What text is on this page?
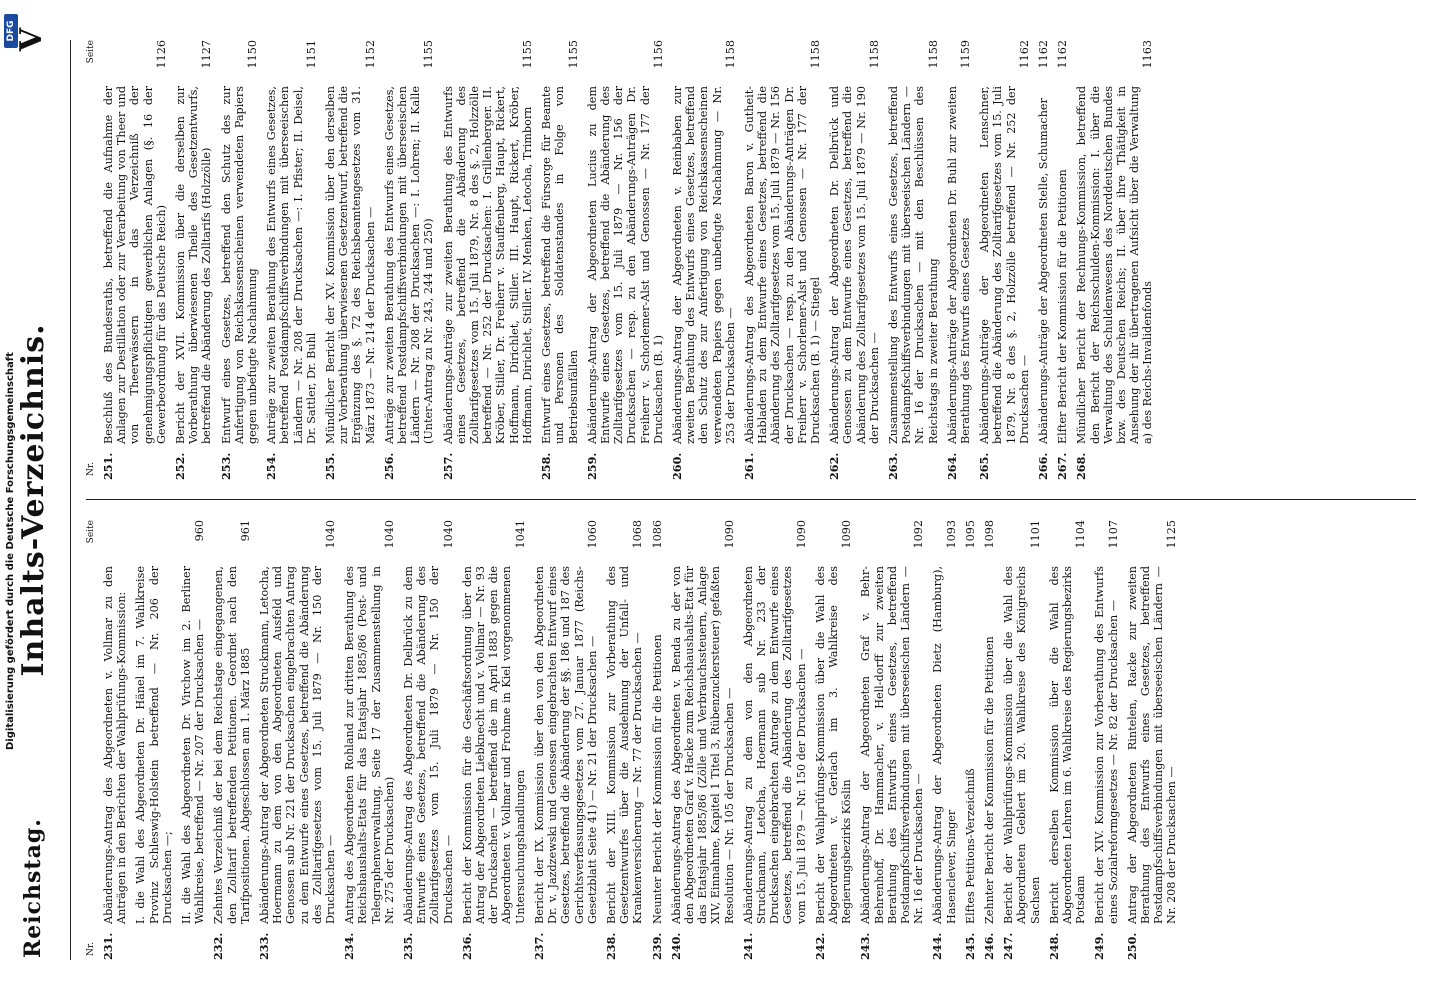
Digitalisierung gefördert durch die Deutsche Forschungsgemeinschaft
DFG
Reichstag.
Inhalts-Verzeichnis.
V
Nr.
Seite
231.
Abänderungs-Antrag des Abgeordneten v. Vollmar zu den Anträgen in den Berichten der Wahlprüfungs-Kommission: I. die Wahl des Abgeordneten Dr. Hänel im 7. Wahlkreise Provinz Schleswig-Holstein betreffend — Nr. 206 der Drucksachen —; II. die Wahl des Abgeordneten Dr. Virchow im 2. Berliner Wahlkreise, betreffend — Nr. 207 der Drucksachen —
960
232.
Zehntes Verzeichniß der bei dem Reichstage eingegangenen, den Zolltarif betreffenden Petitionen. Geordnet nach den Tarifpositionen. Abgeschlossen am 1. März 1885
961
233.
Abänderungs-Antrag der Abgeordneten Struckmann, Letocha, Hoermann zu dem von den Abgeordneten Ausfeld und Genossen sub Nr. 221 der Drucksachen eingebrachten Antrag zu dem Entwurfe eines Gesetzes, betreffend die Abänderung des Zolltarifgesetzes vom 15. Juli 1879 — Nr. 150 der Drucksachen —
1040
234.
Antrag des Abgeordneten Rohland zur dritten Berathung des Reichshaushalts-Etats für das Etatsjahr 1885/86 (Post- und Telegraphenverwaltung, Seite 17 der Zusammenstellung in Nr. 275 der Drucksachen)
1040
235.
Abänderungs-Antrag des Abgeordneten Dr. Delbrück zu dem Entwurfe eines Gesetzes, betreffend die Abänderung des Zolltarifgesetzes vom 15. Juli 1879 — Nr. 150 der Drucksachen —
1040
236.
Bericht der Kommission für die Geschäftsordnung über den Antrag der Abgeordneten Liebknecht und v. Vollmar — Nr. 93 der Drucksachen — betreffend die im April 1883 gegen die Abgeordneten v. Vollmar und Frohme in Kiel vorgenommenen Untersuchungshandlungen
1041
237.
Bericht der IX. Kommission über den von den Abgeordneten Dr. v. Jazdzewski und Genossen eingebrachten Entwurf eines Gesetzes, betreffend die Abänderung der §§. 186 und 187 des Gerichtsverfassungsgesetzes vom 27. Januar 1877 (Reichs-Gesetzblatt Seite 41) — Nr. 21 der Drucksachen —
1060
238.
Bericht der XIII. Kommission zur Vorberathung des Gesetzentwurfes über die Ausdehnung der Unfall- und Krankenversicherung — Nr. 77 der Drucksachen —
1068
239.
Neunter Bericht der Kommission für die Petitionen
1086
240.
Abänderungs-Antrag des Abgeordneten v. Benda zu der von den Abgeordneten Graf v. Hacke zum Reichshaushalts-Etat für das Etatsjahr 1885/86 (Zölle und Verbrauchssteuern, Anlage XIV, Einnahme, Kapitel 1 Titel 3, Rübenzuckersteuer) gefaßten Resolution — Nr. 105 der Drucksachen —
1090
241.
Abänderungs-Antrag zu dem von den Abgeordneten Struckmann, Letocha, Hoermann sub Nr. 233 der Drucksachen eingebrachten Antrage zu dem Entwurfe eines Gesetzes, betreffend die Abänderung des Zolltarifgesetzes vom 15. Juli 1879 — Nr. 150 der Drucksachen —
1090
242.
Bericht der Wahlprüfungs-Kommission über die Wahl des Abgeordneten v. Gerlach im 3. Wahlkreise des Regierungsbezirks Köslin
1090
243.
Abänderungs-Antrag der Abgeordneten Graf v. Behr-Behrenhoff, Dr. Hammacher, v. Hell-dorff zur zweiten Berathung des Entwurfs eines Gesetzes, betreffend Postdampfschiffsverbindungen mit überseeischen Ländern — Nr. 16 der Drucksachen —
1092
244.
Abänderungs-Antrag der Abgeordneten Dietz (Hamburg), Hasenclever, Singer
1093
245.
Elftes Petitions-Verzeichniß
1095
246.
Zehnter Bericht der Kommission für die Petitionen
1098
247.
Bericht der Wahlprüfungs-Kommission über die Wahl des Abgeordneten Geblert im 20. Wahlkreise des Königreichs Sachsen
1101
248.
Bericht derselben Kommission über die Wahl des Abgeordneten Lehren im 6. Wahlkreise des Regierungsbezirks Potsdam
1104
249.
Bericht der XIV. Kommission zur Vorberathung des Entwurfs eines Sozialreformgesetzes — Nr. 82 der Drucksachen —
1107
250.
Antrag der Abgeordneten Rintelen, Racke zur zweiten Berathung des Entwurfs eines Gesetzes, betreffend Postdampfschiffsverbindungen mit überseeischen Ländern — Nr. 208 der Drucksachen —
1125
Nr.
Seite
251.
Beschluß des Bundesraths, betreffend die Aufnahme der Anlagen zur Destillation oder zur Verarbeitung von Theer und von Theerwässern in das Verzeichniß der genehmigungspflichtigen gewerblichen Anlagen (§. 16 der Gewerbeordnung für das Deutsche Reich)
1126
252.
Bericht der XVII. Kommission über die derselben zur Vorberathung überwiesenen Theile des Gesetzentwurfs, betreffend die Abänderung des Zolltarifs (Holzzölle)
1127
253.
Entwurf eines Gesetzes, betreffend den Schutz des zur Anfertigung von Reichskassenscheinen verwendeten Papiers gegen unbefugte Nachahmung
1150
254.
Anträge zur zweiten Berathung des Entwurfs eines Gesetzes, betreffend Postdampfschiffsverbindungen mit überseeischen Ländern — Nr. 208 der Drucksachen —: I. Pfister; II. Deisel, Dr. Sattler, Dr. Buhl
1151
255.
Mündlicher Bericht der XV. Kommission über den derselben zur Vorberathung überwiesenen Gesetzentwurf, betreffend die Ergänzung des §. 72 des Reichsbeamtengesetzes vom 31. März 1873 — Nr. 214 der Drucksachen —
1152
256.
Anträge zur zweiten Berathung des Entwurfs eines Gesetzes, betreffend Postdampfschiffsverbindungen mit überseeischen Ländern — Nr. 208 der Drucksachen —: I. Lohren; II. Kalle (Unter-Antrag zu Nr. 243, 244 und 250)
1155
257.
Abänderungs-Anträge zur zweiten Berathung des Entwurfs eines Gesetzes, betreffend die Abänderung des Zolltarifgesetzes vom 15. Juli 1879, Nr. 8 des §. 2, Holzzölle betreffend — Nr. 252 der Drucksachen: I. Grillenberger. II. Kröber, Stiller, Dr. Freiherr v. Stauffenberg, Haupt, Rickert, Hoffmann, Dirichlet, Stiller. III. Haupt, Rickert, Kröber, Hoffmann, Dirichlet, Stiller. IV. Menken, Letocha, Trimborn
1155
258.
Entwurf eines Gesetzes, betreffend die Fürsorge für Beamte und Personen des Soldatenstandes in Folge von Betriebsunfällen
1155
259.
Abänderungs-Antrag der Abgeordneten Lucius zu dem Entwurfe eines Gesetzes, betreffend die Abänderung des Zolltarifgesetzes vom 15. Juli 1879 — Nr. 156 der Drucksachen — resp. zu den Abänderungs-Anträgen Dr. Freiherr v. Schorlemer-Alst und Genossen — Nr. 177 der Drucksachen (B. 1)
1156
260.
Abänderungs-Antrag der Abgeordneten v. Reinbaben zur zweiten Berathung des Entwurfs eines Gesetzes, betreffend den Schutz des zur Anfertigung von Reichskassenscheinen verwendeten Papiers gegen unbefugte Nachahmung — Nr. 253 der Drucksachen —
1158
261.
Abänderungs-Antrag des Abgeordneten Baron v. Gutheit-Habladen zu dem Entwurfe eines Gesetzes, betreffend die Abänderung des Zolltarifgesetzes vom 15. Juli 1879 — Nr. 156 der Drucksachen — resp. zu den Abänderungs-Anträgen Dr. Freiherr v. Schorlemer-Alst und Genossen — Nr. 177 der Drucksachen (B. 1) — Stiegel
1158
262.
Abänderungs-Antrag der Abgeordneten Dr. Delbrück und Genossen zu dem Entwurfe eines Gesetzes, betreffend die Abänderung des Zolltarifgesetzes vom 15. Juli 1879 — Nr. 190 der Drucksachen —
1158
263.
Zusammenstellung des Entwurfs eines Gesetzes, betreffend Postdampfschiffsverbindungen mit überseeischen Ländern — Nr. 16 der Drucksachen — mit den Beschlüssen des Reichstags in zweiter Berathung
1158
264.
Abänderungs-Anträge der Abgeordneten Dr. Buhl zur zweiten Berathung des Entwurfs eines Gesetzes
1159
265.
Abänderungs-Anträge der Abgeordneten Lenschner, betreffend die Abänderung des Zolltarifgesetzes vom 15. Juli 1879, Nr. 8 des §. 2, Holzzölle betreffend — Nr. 252 der Drucksachen —
1162
266.
Abänderungs-Anträge der Abgeordneten Stelle, Schumacher
1162
267.
Elfter Bericht der Kommission für die Petitionen
1162
268.
Mündlicher Bericht der Rechnungs-Kommission, betreffend den Bericht der Reichsschulden-Kommission: I. über die Verwaltung des Schuldenwesens des Norddeutschen Bundes bzw. des Deutschen Reichs; II. über ihre Thätigkeit in Ansehung der ihr übertragenen Aufsicht über die Verwaltung a) des Reichs-Invalidenfonds
1163
